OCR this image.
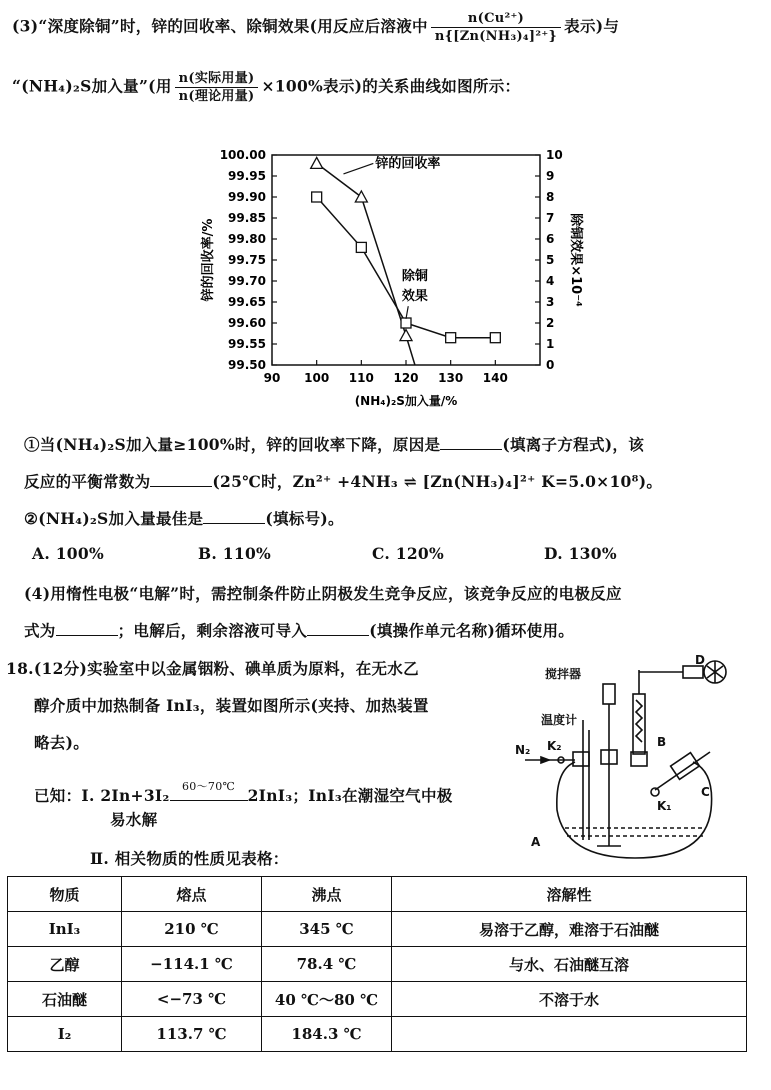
(3)“深度除铜”时，锌的回收率、除铜效果(用反应后溶液中 $\frac{\text{n(Cu²⁺)}}{\text{n\{[Zn(NH₃)₄]²⁺\}}}$ 表示)与
“(NH₄)₂S加入量”(用 $\frac{\text{n(实际用量)}}{\text{n(理论用量)}} \times 100\%$表示)的关系曲线如图所示：
90 100 110 120 130 140
99.50
99.55
99.60
99.65
99.70
99.75
99.80
99.85
99.90
99.95
100.00
0
1
2
3
4
5
6
7
8
9
10
(NH₄)₂S加入量/%
锌的回收率/%	除铜效果×10⁻⁴
锌的回收率
除铜
效果
①当(NH₄)₂S加入量≥100%时，锌的回收率下降，原因是	(填离子方程式)，该
反应的平衡常数为	(25℃时，Zn²⁺ +4NH₃ ⇌ [Zn(NH₃)₄]²⁺ K=5.0×10⁸)。
②(NH₄)₂S加入量最佳是	(填标号)。
A. 100%	B. 110%	C. 120%	D. 130%
(4)用惰性电极“电解”时，需控制条件防止阴极发生竞争反应，该竞争反应的电极反应
式为	；电解后，剩余溶液可导入	(填操作单元名称)循环使用。
18.(12分)实验室中以金属铟粉、碘单质为原料，在无水乙
醇介质中加热制备 InI₃，装置如图所示(夹持、加热装置
略去)。
已知：Ⅰ. 2In+3I₂	60～70℃ 2InI₃；InI₃在潮湿空气中极
易水解
Ⅱ. 相关物质的性质见表格：
搅拌器
温度计
N₂ K₂
K₁
A
B
C
D
物质	熔点	沸点	溶解性
InI₃	210 ℃	345 ℃	易溶于乙醇，难溶于石油醚
乙醇	−114.1 ℃	78.4 ℃	与水、石油醚互溶
石油醚	<−73 ℃	40 ℃～80 ℃	不溶于水
I₂	113.7 ℃	184.3 ℃	
